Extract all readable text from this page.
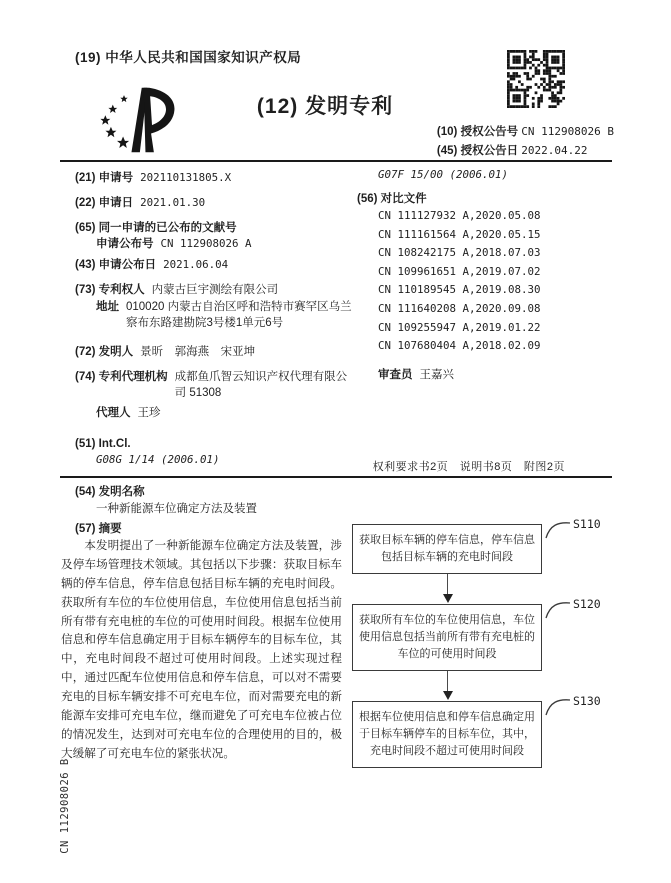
(19) 中华人民共和国国家知识产权局
(12) 发明专利
(10) 授权公告号 CN 112908026 B
(45) 授权公告日 2022.04.22
(21) 申请号 202110131805.X
(22) 申请日 2021.01.30
(65) 同一申请的已公布的文献号
申请公布号 CN 112908026 A
(43) 申请公布日 2021.06.04
(73) 专利权人 内蒙古巨宇测绘有限公司
地址 010020 内蒙古自治区呼和浩特市赛罕区乌兰察布东路建勘院3号楼1单元6号
(72) 发明人 景昕　郭海燕　宋亚坤
(74) 专利代理机构 成都鱼爪智云知识产权代理有限公司 51308
代理人 王珍
(51) Int.Cl.
G08G 1/14 (2006.01)
G07F 15/00 (2006.01)
(56) 对比文件
CN 111127932 A,2020.05.08
CN 111161564 A,2020.05.15
CN 108242175 A,2018.07.03
CN 109961651 A,2019.07.02
CN 110189545 A,2019.08.30
CN 111640208 A,2020.09.08
CN 109255947 A,2019.01.22
CN 107680404 A,2018.02.09
审查员 王嘉兴
权利要求书2页　说明书8页　附图2页
(54) 发明名称
一种新能源车位确定方法及装置
(57) 摘要
本发明提出了一种新能源车位确定方法及装置，涉及停车场管理技术领域。其包括以下步骤：获取目标车辆的停车信息，停车信息包括目标车辆的充电时间段。获取所有车位的车位使用信息，车位使用信息包括当前所有带有充电桩的车位的可使用时间段。根据车位使用信息和停车信息确定用于目标车辆停车的目标车位，其中，充电时间段不超过可使用时间段。上述实现过程中，通过匹配车位使用信息和停车信息，可以对不需要充电的目标车辆安排不可充电车位，而对需要充电的新能源车安排可充电车位，继而避免了可充电车位被占位的情况发生，达到对可充电车位的合理使用的目的，极大缓解了可充电车位的紧张状况。
获取目标车辆的停车信息，停车信息包括目标车辆的充电时间段
S110
获取所有车位的车位使用信息，车位使用信息包括当前所有带有充电桩的车位的可使用时间段
S120
根据车位使用信息和停车信息确定用于目标车辆停车的目标车位，其中，充电时间段不超过可使用时间段
S130
CN 112908026 B
